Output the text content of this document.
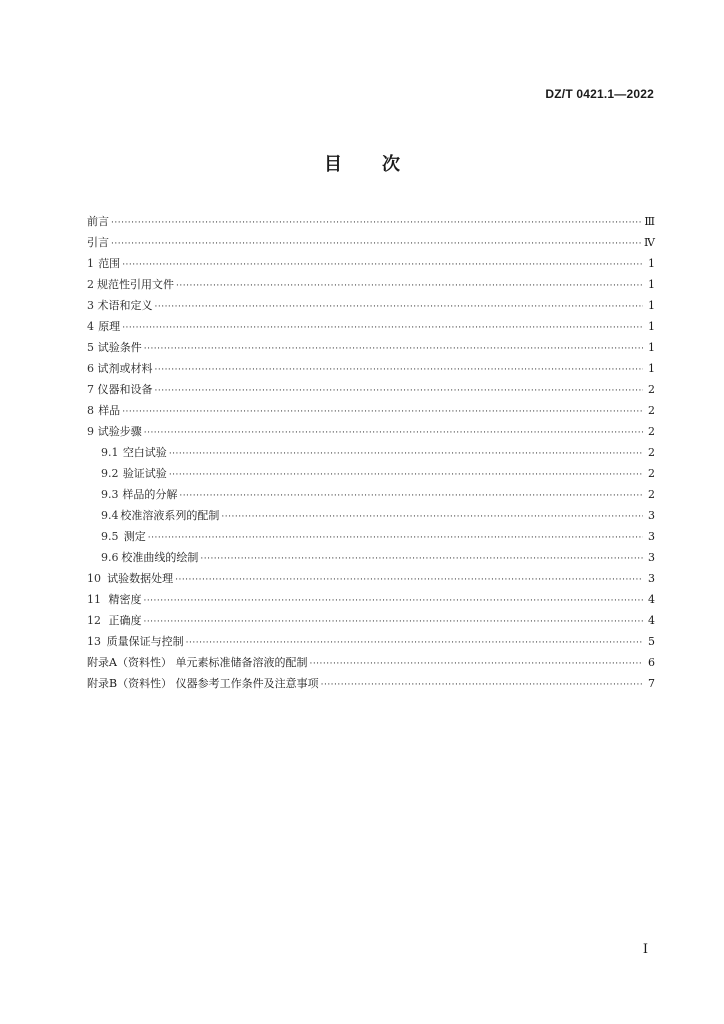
DZ/T 0421.1—2022
目次
前言 ·····	Ⅲ
引言 ·····	Ⅳ
1 范围 ·····	1
2 规范性引用文件 ·····	1
3 术语和定义 ·····	1
4 原理 ·····	1
5 试验条件 ·····	1
6 试剂或材料 ·····	1
7 仪器和设备 ·····	2
8 样品 ·····	2
9 试验步骤 ·····	2
9.1 空白试验 ·····	2
9.2 验证试验 ·····	2
9.3 样品的分解 ·····	2
9.4 校准溶液系列的配制 ·····	3
9.5 测定 ·····	3
9.6 校准曲线的绘制 ·····	3
10 试验数据处理 ·····	3
11 精密度 ·····	4
12 正确度 ·····	4
13 质量保证与控制 ·····	5
附录A（资料性） 单元素标准储备溶液的配制 ·····	6
附录B（资料性） 仪器参考工作条件及注意事项 ·····	7
I
